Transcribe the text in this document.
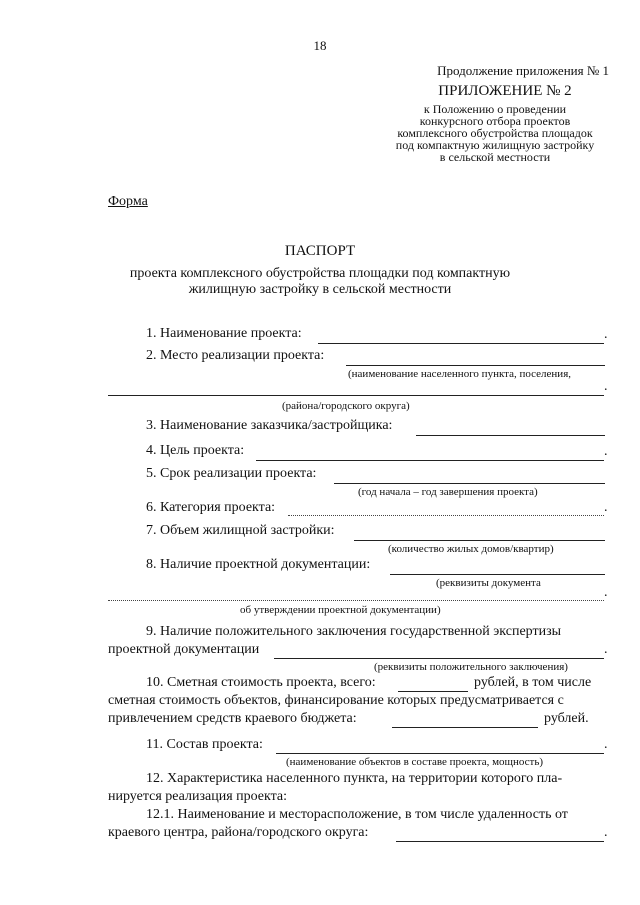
18
Продолжение приложения № 1
ПРИЛОЖЕНИЕ № 2
к Положению о проведении
конкурсного отбора проектов
комплексного обустройства площадок
под компактную жилищную застройку
в сельской местности
Форма
ПАСПОРТ
проекта комплексного обустройства площадки под компактную
жилищную застройку в сельской местности
1. Наименование проекта:	.
2. Место реализации проекта:
(наименование населенного пункта, поселения,
.
(района/городского округа)
3. Наименование заказчика/застройщика:
4. Цель проекта:	.
5. Срок реализации проекта:
(год начала – год завершения проекта)
6. Категория проекта:	.
7. Объем жилищной застройки:
(количество жилых домов/квартир)
8. Наличие проектной документации:
(реквизиты документа
.
об утверждении проектной документации)
9. Наличие положительного заключения государственной экспертизы
проектной документации	.
(реквизиты положительного заключения)
10. Сметная стоимость проекта, всего:	рублей, в том числе
сметная стоимость объектов, финансирование которых предусматривается с
привлечением средств краевого бюджета:	рублей.
11. Состав проекта:	.
(наименование объектов в составе проекта, мощность)
12. Характеристика населенного пункта, на территории которого пла-
нируется реализация проекта:
12.1. Наименование и месторасположение, в том числе удаленность от
краевого центра, района/городского округа:	.
